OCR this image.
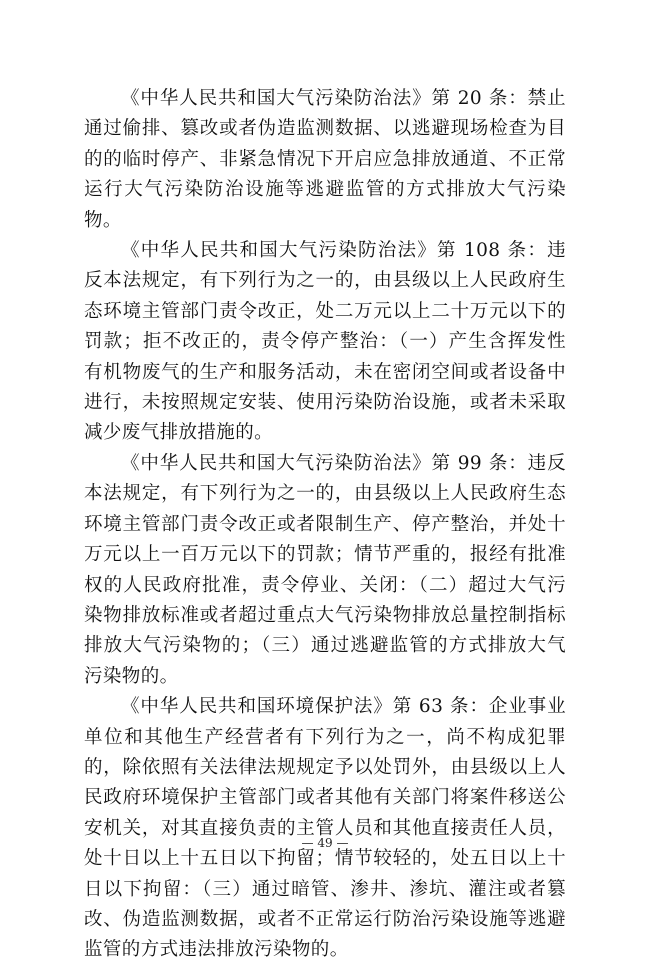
《中华人民共和国大气污染防治法》第 20 条：禁止通过偷排、篡改或者伪造监测数据、以逃避现场检查为目的的临时停产、非紧急情况下开启应急排放通道、不正常运行大气污染防治设施等逃避监管的方式排放大气污染物。

《中华人民共和国大气污染防治法》第 108 条：违反本法规定，有下列行为之一的，由县级以上人民政府生态环境主管部门责令改正，处二万元以上二十万元以下的罚款；拒不改正的，责令停产整治：（一）产生含挥发性有机物废气的生产和服务活动，未在密闭空间或者设备中进行，未按照规定安装、使用污染防治设施，或者未采取减少废气排放措施的。

《中华人民共和国大气污染防治法》第 99 条：违反本法规定，有下列行为之一的，由县级以上人民政府生态环境主管部门责令改正或者限制生产、停产整治，并处十万元以上一百万元以下的罚款；情节严重的，报经有批准权的人民政府批准，责令停业、关闭：（二）超过大气污染物排放标准或者超过重点大气污染物排放总量控制指标排放大气污染物的；（三）通过逃避监管的方式排放大气污染物的。

《中华人民共和国环境保护法》第 63 条：企业事业单位和其他生产经营者有下列行为之一，尚不构成犯罪的，除依照有关法律法规规定予以处罚外，由县级以上人民政府环境保护主管部门或者其他有关部门将案件移送公安机关，对其直接负责的主管人员和其他直接责任人员，处十日以上十五日以下拘留；情节较轻的，处五日以上十日以下拘留：（三）通过暗管、渗井、渗坑、灌注或者篡改、伪造监测数据，或者不正常运行防治污染设施等逃避监管的方式违法排放污染物的。

— 49 —
